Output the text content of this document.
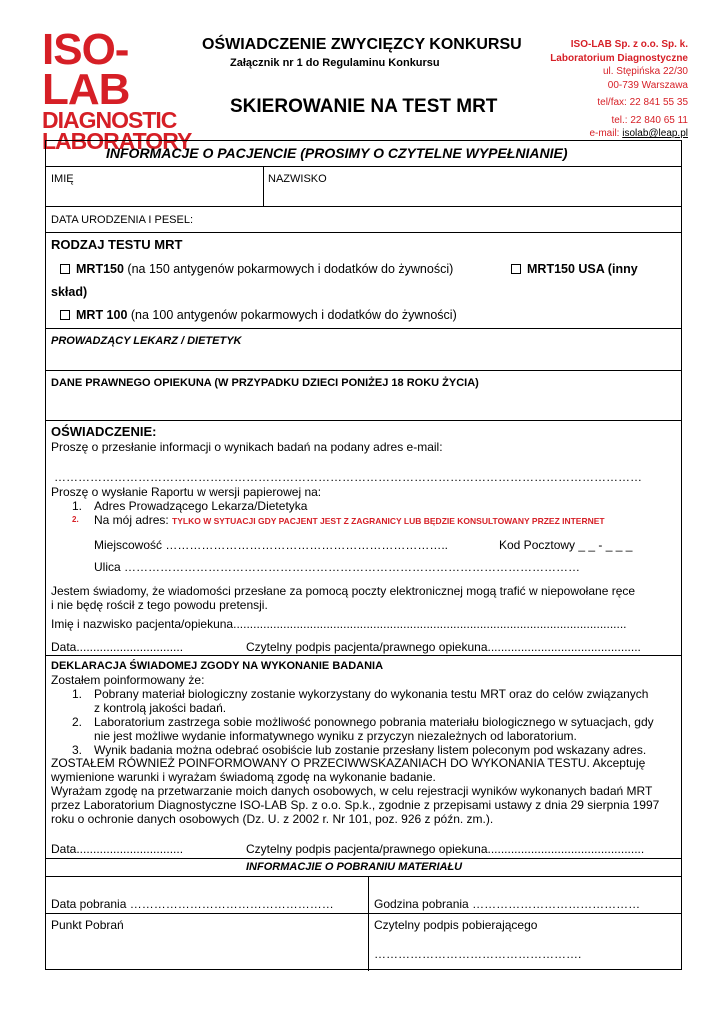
ISO-LAB
DIAGNOSTIC
LABORATORY
OŚWIADCZENIE ZWYCIĘZCY KONKURSU
Załącznik nr 1 do Regulaminu Konkursu
SKIEROWANIE NA TEST MRT
ISO-LAB Sp. z o.o. Sp. k.
Laboratorium Diagnostyczne
ul. Stępińska 22/30
00-739 Warszawa
tel/fax: 22 841 55 35
tel.: 22 840 65 11
e-mail: isolab@leap.pl
INFORMACJE O PACJENCIE (PROSIMY O CZYTELNE WYPEŁNIANIE)
IMIĘ	NAZWISKO
DATA URODZENIA I PESEL:
RODZAJ TESTU MRT
MRT150 (na 150 antygenów pokarmowych i dodatków do żywności)	MRT150 USA (inny
skład)
MRT 100 (na 100 antygenów pokarmowych i dodatków do żywności)
PROWADZĄCY LEKARZ / DIETETYK
DANE PRAWNEGO OPIEKUNA (W PRZYPADKU DZIECI PONIŻEJ 18 ROKU ŻYCIA)
OŚWIADCZENIE:
Proszę o przesłanie informacji o wynikach badań na podany adres e-mail:
…………………………………………………………………………………………………………………………………
Proszę o wysłanie Raportu w wersji papierowej na:
1. Adres Prowadzącego Lekarza/Dietetyka
2. Na mój adres: TYLKO W SYTUACJI GDY PACJENT JEST Z ZAGRANICY LUB BĘDZIE KONSULTOWANY PRZEZ INTERNET
Miejscowość ……………………………………………………………..	Kod Pocztowy _ _ - _ _ _
Ulica ……………………………………………………………………………………………………
Jestem świadomy, że wiadomości przesłane za pomocą poczty elektronicznej mogą trafić w niepowołane ręce
i nie będę rościł z tego powodu pretensji.
Imię i nazwisko pacjenta/opiekuna......................................................................................................................
Data................................	Czytelny podpis pacjenta/prawnego opiekuna..............................................
DEKLARACJA ŚWIADOMEJ ZGODY NA WYKONANIE BADANIA
Zostałem poinformowany że:
1. Pobrany materiał biologiczny zostanie wykorzystany do wykonania testu MRT oraz do celów związanych
z kontrolą jakości badań.
2. Laboratorium zastrzega sobie możliwość ponownego pobrania materiału biologicznego w sytuacjach, gdy
nie jest możliwe wydanie informatywnego wyniku z przyczyn niezależnych od laboratorium.
3. Wynik badania można odebrać osobiście lub zostanie przesłany listem poleconym pod wskazany adres.
ZOSTAŁEM RÓWNIEŻ POINFORMOWANY O PRZECIWWSKAZANIACH DO WYKONANIA TESTU. Akceptuję
wymienione warunki i wyrażam świadomą zgodę na wykonanie badanie.
Wyrażam zgodę na przetwarzanie moich danych osobowych, w celu rejestracji wyników wykonanych badań MRT
przez Laboratorium Diagnostyczne ISO-LAB Sp. z o.o. Sp.k., zgodnie z przepisami ustawy z dnia 29 sierpnia 1997
roku o ochronie danych osobowych (Dz. U. z 2002 r. Nr 101, poz. 926 z późn. zm.).
Data................................	Czytelny podpis pacjenta/prawnego opiekuna...............................................
INFORMACJIE O POBRANIU MATERIAŁU
Data pobrania ……………………………………………	Godzina pobrania ……………………………………
Punkt Pobrań	Czytelny podpis pobierającego
…………………………………………….
